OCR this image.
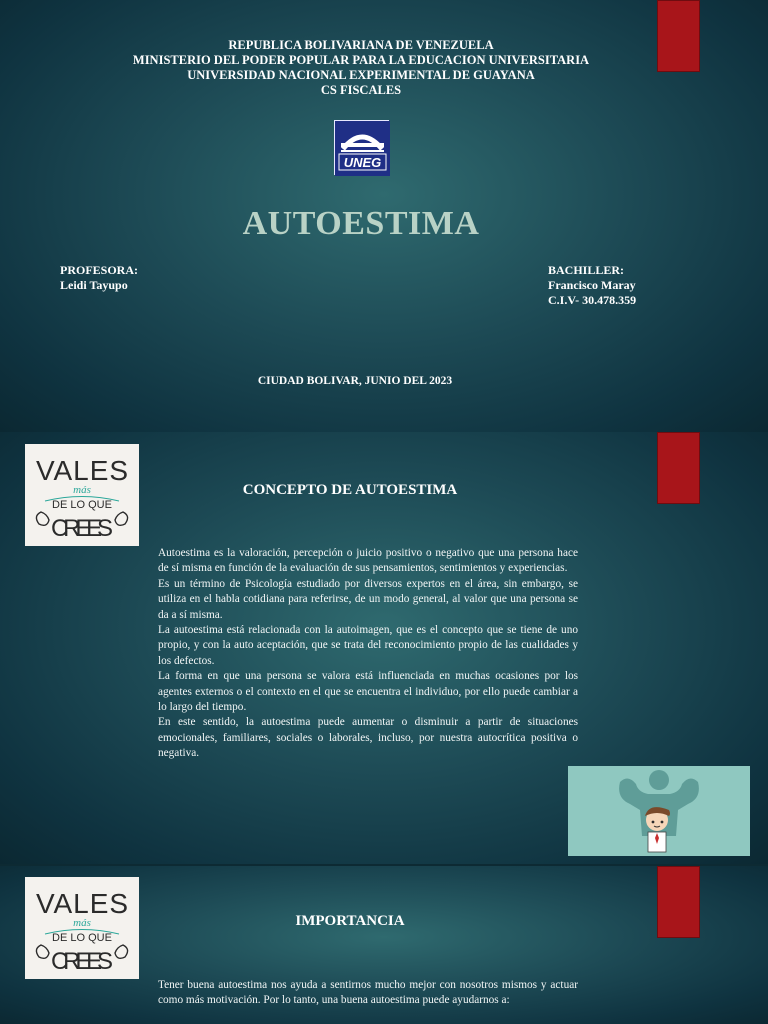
REPUBLICA BOLIVARIANA DE VENEZUELA
MINISTERIO DEL PODER POPULAR PARA LA EDUCACION UNIVERSITARIA
UNIVERSIDAD NACIONAL EXPERIMENTAL DE GUAYANA
CS FISCALES
UNEG
AUTOESTIMA
PROFESORA:
Leidi Tayupo
BACHILLER:
Francisco Maray
C.I.V- 30.478.359
CIUDAD BOLIVAR, JUNIO DEL 2023
VALES
más
DE LO QUE
CREES
CONCEPTO DE AUTOESTIMA

Autoestima es la valoración, percepción o juicio positivo o negativo que una persona hace de sí misma en función de la evaluación de sus pensamientos, sentimientos y experiencias.

Es un término de Psicología estudiado por diversos expertos en el área, sin embargo, se utiliza en el habla cotidiana para referirse, de un modo general, al valor que una persona se da a sí misma.

La autoestima está relacionada con la autoimagen, que es el concepto que se tiene de uno propio, y con la auto aceptación, que se trata del reconocimiento propio de las cualidades y los defectos.

La forma en que una persona se valora está influenciada en muchas ocasiones por los agentes externos o el contexto en el que se encuentra el individuo, por ello puede cambiar a lo largo del tiempo.

En este sentido, la autoestima puede aumentar o disminuir a partir de situaciones emocionales, familiares, sociales o laborales, incluso, por nuestra autocrítica positiva o negativa.

VALES
más
DE LO QUE
CREES
IMPORTANCIA

Tener buena autoestima nos ayuda a sentirnos mucho mejor con nosotros mismos y actuar como más motivación. Por lo tanto, una buena autoestima puede ayudarnos a:
